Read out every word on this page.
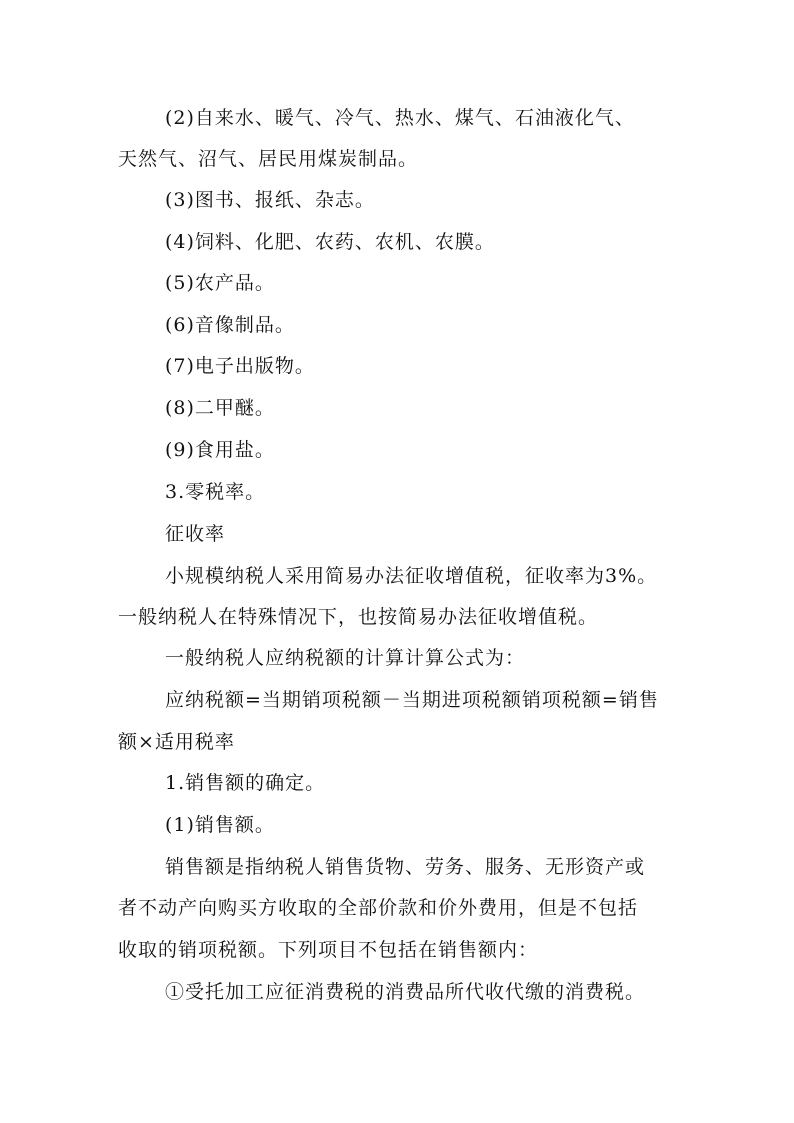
(2)自来水、暖气、冷气、热水、煤气、石油液化气、
天然气、沼气、居民用煤炭制品。
(3)图书、报纸、杂志。
(4)饲料、化肥、农药、农机、农膜。
(5)农产品。
(6)音像制品。
(7)电子出版物。
(8)二甲醚。
(9)食用盐。
3.零税率。
征收率
小规模纳税人采用简易办法征收增值税，征收率为3%。
一般纳税人在特殊情况下，也按简易办法征收增值税。
一般纳税人应纳税额的计算计算公式为：
应纳税额=当期销项税额－当期进项税额销项税额=销售
额×适用税率
1.销售额的确定。
(1)销售额。
销售额是指纳税人销售货物、劳务、服务、无形资产或
者不动产向购买方收取的全部价款和价外费用，但是不包括
收取的销项税额。下列项目不包括在销售额内：
①受托加工应征消费税的消费品所代收代缴的消费税。
